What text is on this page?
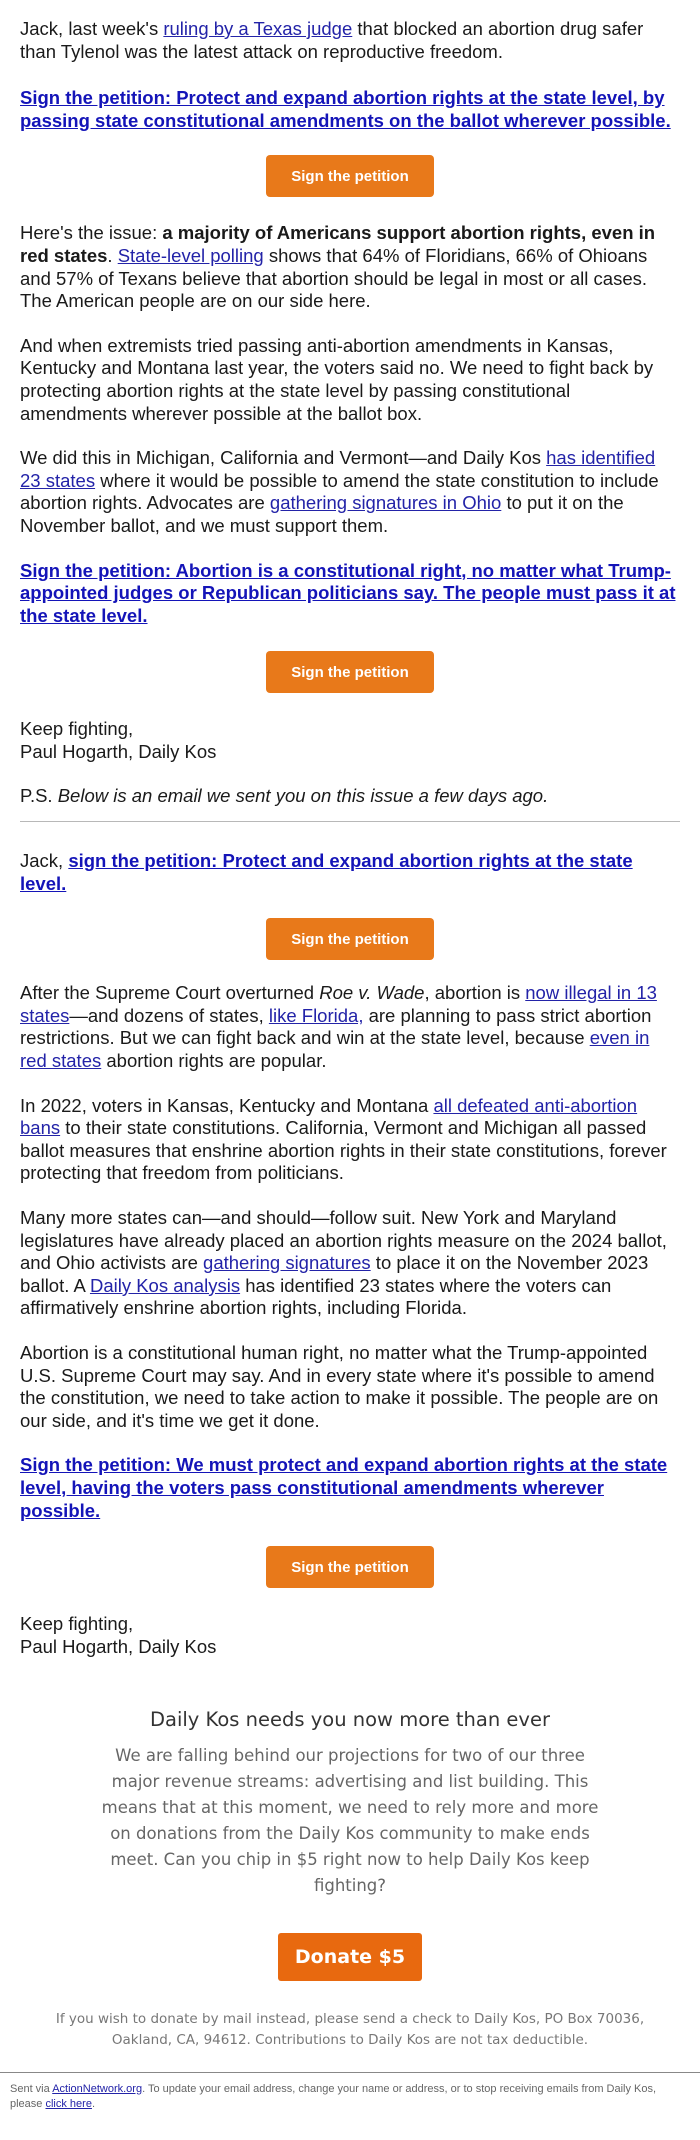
Jack, last week's ruling by a Texas judge that blocked an abortion drug safer than Tylenol was the latest attack on reproductive freedom.

Sign the petition: Protect and expand abortion rights at the state level, by passing state constitutional amendments on the ballot wherever possible.

Sign the petition

Here's the issue: a majority of Americans support abortion rights, even in red states. State-level polling shows that 64% of Floridians, 66% of Ohioans and 57% of Texans believe that abortion should be legal in most or all cases. The American people are on our side here.

And when extremists tried passing anti-abortion amendments in Kansas, Kentucky and Montana last year, the voters said no. We need to fight back by protecting abortion rights at the state level by passing constitutional amendments wherever possible at the ballot box.

We did this in Michigan, California and Vermont—and Daily Kos has identified 23 states where it would be possible to amend the state constitution to include abortion rights. Advocates are gathering signatures in Ohio to put it on the November ballot, and we must support them.

Sign the petition: Abortion is a constitutional right, no matter what Trump-appointed judges or Republican politicians say. The people must pass it at the state level.

Sign the petition

Keep fighting,
Paul Hogarth, Daily Kos

P.S. Below is an email we sent you on this issue a few days ago.

Jack, sign the petition: Protect and expand abortion rights at the state level.

Sign the petition

After the Supreme Court overturned Roe v. Wade, abortion is now illegal in 13 states—and dozens of states, like Florida, are planning to pass strict abortion restrictions. But we can fight back and win at the state level, because even in red states abortion rights are popular.

In 2022, voters in Kansas, Kentucky and Montana all defeated anti-abortion bans to their state constitutions. California, Vermont and Michigan all passed ballot measures that enshrine abortion rights in their state constitutions, forever protecting that freedom from politicians.

Many more states can—and should—follow suit. New York and Maryland legislatures have already placed an abortion rights measure on the 2024 ballot, and Ohio activists are gathering signatures to place it on the November 2023 ballot. A Daily Kos analysis has identified 23 states where the voters can affirmatively enshrine abortion rights, including Florida.

Abortion is a constitutional human right, no matter what the Trump-appointed U.S. Supreme Court may say. And in every state where it's possible to amend the constitution, we need to take action to make it possible. The people are on our side, and it's time we get it done.

Sign the petition: We must protect and expand abortion rights at the state level, having the voters pass constitutional amendments wherever possible.

Sign the petition

Keep fighting,
Paul Hogarth, Daily Kos

Daily Kos needs you now more than ever

We are falling behind our projections for two of our three major revenue streams: advertising and list building. This means that at this moment, we need to rely more and more on donations from the Daily Kos community to make ends meet. Can you chip in $5 right now to help Daily Kos keep fighting?

Donate $5

If you wish to donate by mail instead, please send a check to Daily Kos, PO Box 70036, Oakland, CA, 94612. Contributions to Daily Kos are not tax deductible.

Sent via ActionNetwork.org. To update your email address, change your name or address, or to stop receiving emails from Daily Kos, please click here.
